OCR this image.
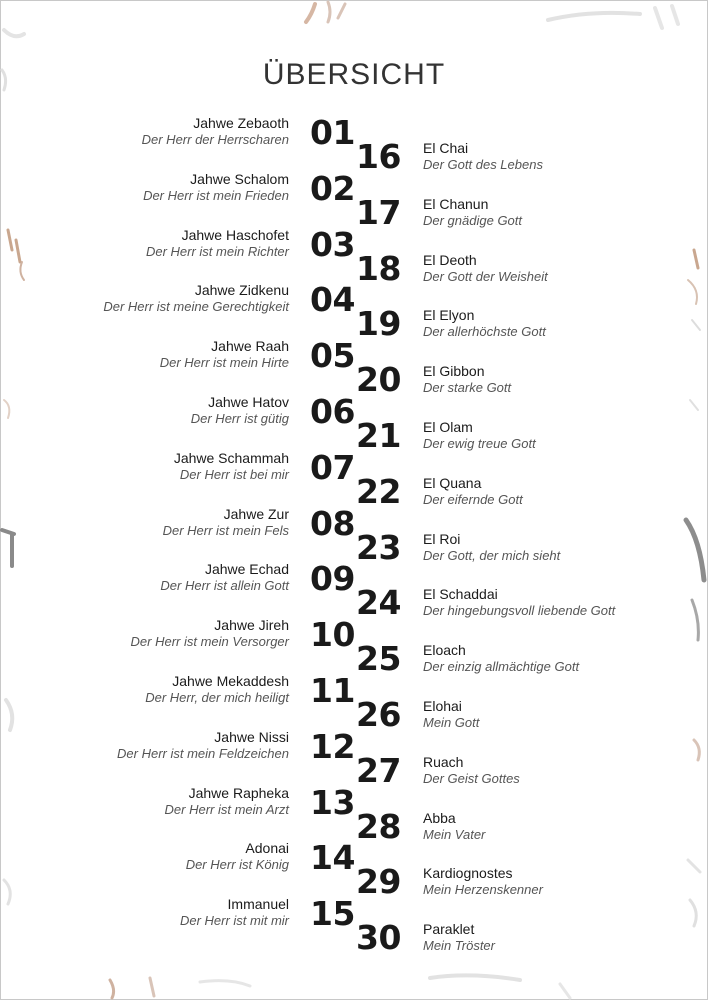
ÜBERSICHT
Jahwe Zebaoth
Der Herr der Herrscharen 01
Jahwe Schalom
Der Herr ist mein Frieden 02
Jahwe Haschofet
Der Herr ist mein Richter 03
Jahwe Zidkenu
Der Herr ist meine Gerechtigkeit 04
Jahwe Raah
Der Herr ist mein Hirte 05
Jahwe Hatov
Der Herr ist gütig 06
Jahwe Schammah
Der Herr ist bei mir 07
Jahwe Zur
Der Herr ist mein Fels 08
Jahwe Echad
Der Herr ist allein Gott 09
Jahwe Jireh
Der Herr ist mein Versorger 10
Jahwe Mekaddesh
Der Herr, der mich heiligt 11
Jahwe Nissi
Der Herr ist mein Feldzeichen 12
Jahwe Rapheka
Der Herr ist mein Arzt 13
Adonai
Der Herr ist König 14
Immanuel
Der Herr ist mit mir 15
El Chai
Der Gott des Lebens
16
El Chanun
Der gnädige Gott
17
El Deoth
Der Gott der Weisheit
18
El Elyon
Der allerhöchste Gott
19
El Gibbon
Der starke Gott
20
El Olam
Der ewig treue Gott
21
El Quana
Der eifernde Gott
22
El Roi
Der Gott, der mich sieht
23
El Schaddai
Der hingebungsvoll liebende Gott
24
Eloach
Der einzig allmächtige Gott
25
Elohai
Mein Gott
26
Ruach
Der Geist Gottes
27
Abba
Mein Vater
28
Kardiognostes
Mein Herzenskenner
29
Paraklet
Mein Tröster
30
